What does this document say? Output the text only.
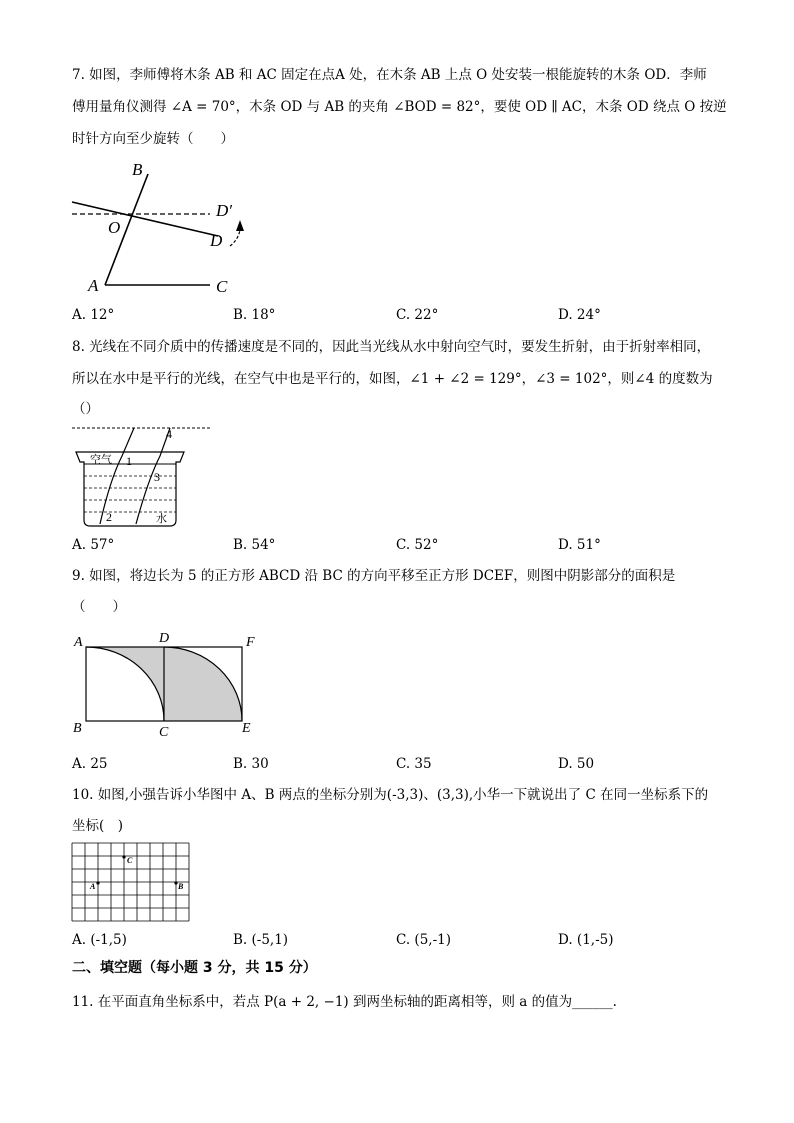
7. 如图，李师傅将木条 AB 和 AC 固定在点A 处，在木条 AB 上点 O 处安装一根能旋转的木条 OD．李师
傅用量角仪测得 ∠A = 70°，木条 OD 与 AB 的夹角 ∠BOD = 82°，要使 OD ∥ AC，木条 OD 绕点 O 按逆
时针方向至少旋转（　　）
B
O
A	C
D
D′
A. 12°	B. 18°	C. 22°	D. 24°
8. 光线在不同介质中的传播速度是不同的，因此当光线从水中射向空气时，要发生折射，由于折射率相同，
所以在水中是平行的光线，在空气中也是平行的，如图，∠1 + ∠2 = 129°，∠3 = 102°，则∠4 的度数为
（）
空气
水
1
2
3
4
A. 57°	B. 54°	C. 52°	D. 51°
9. 如图，将边长为 5 的正方形 ABCD 沿 BC 的方向平移至正方形 DCEF，则图中阴影部分的面积是
（　　）
A	D	F
B	C	E
A. 25	B. 30	C. 35	D. 50
10. 如图,小强告诉小华图中 A、B 两点的坐标分别为(-3,3)、(3,3),小华一下就说出了 C 在同一坐标系下的
坐标(　)
A	B
C
A. (-1,5)	B. (-5,1)	C. (5,-1)	D. (1,-5)
二、填空题（每小题 3 分，共 15 分）
11. 在平面直角坐标系中，若点 P(a + 2, −1) 到两坐标轴的距离相等，则 a 的值为______.
